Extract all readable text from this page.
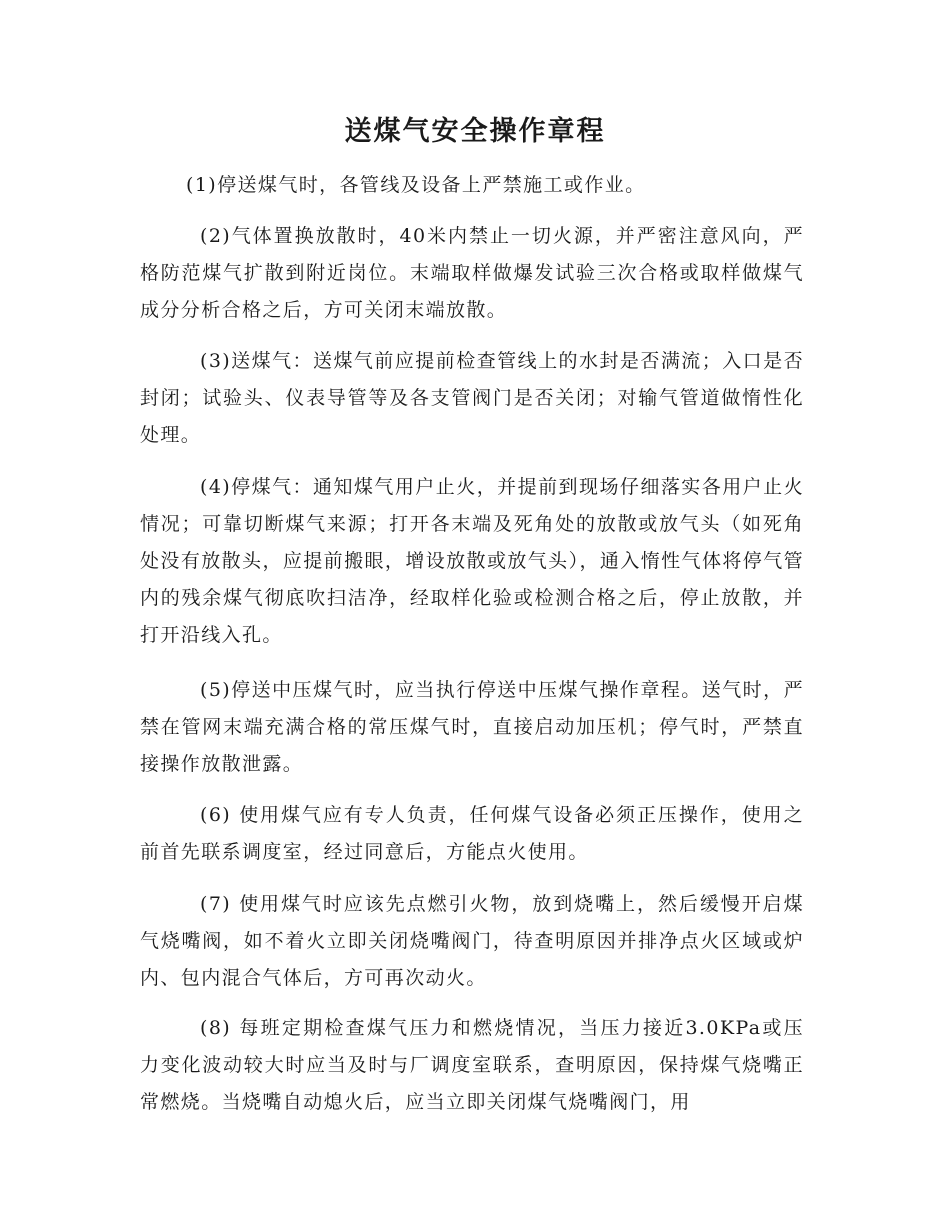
送煤气安全操作章程

(1)停送煤气时，各管线及设备上严禁施工或作业。

(2)气体置换放散时，40米内禁止一切火源，并严密注意风向，严格防范煤气扩散到附近岗位。末端取样做爆发试验三次合格或取样做煤气成分分析合格之后，方可关闭末端放散。

(3)送煤气：送煤气前应提前检查管线上的水封是否满流；入口是否封闭；试验头、仪表导管等及各支管阀门是否关闭；对输气管道做惰性化处理。

(4)停煤气：通知煤气用户止火，并提前到现场仔细落实各用户止火情况；可靠切断煤气来源；打开各末端及死角处的放散或放气头（如死角处没有放散头，应提前搬眼，增设放散或放气头），通入惰性气体将停气管内的残余煤气彻底吹扫洁净，经取样化验或检测合格之后，停止放散，并打开沿线入孔。

(5)停送中压煤气时，应当执行停送中压煤气操作章程。送气时，严禁在管网末端充满合格的常压煤气时，直接启动加压机；停气时，严禁直接操作放散泄露。

(6) 使用煤气应有专人负责，任何煤气设备必须正压操作，使用之前首先联系调度室，经过同意后，方能点火使用。

(7) 使用煤气时应该先点燃引火物，放到烧嘴上，然后缓慢开启煤气烧嘴阀，如不着火立即关闭烧嘴阀门，待查明原因并排净点火区域或炉内、包内混合气体后，方可再次动火。

(8) 每班定期检查煤气压力和燃烧情况，当压力接近3.0KPa或压力变化波动较大时应当及时与厂调度室联系，查明原因，保持煤气烧嘴正常燃烧。当烧嘴自动熄火后，应当立即关闭煤气烧嘴阀门，用
